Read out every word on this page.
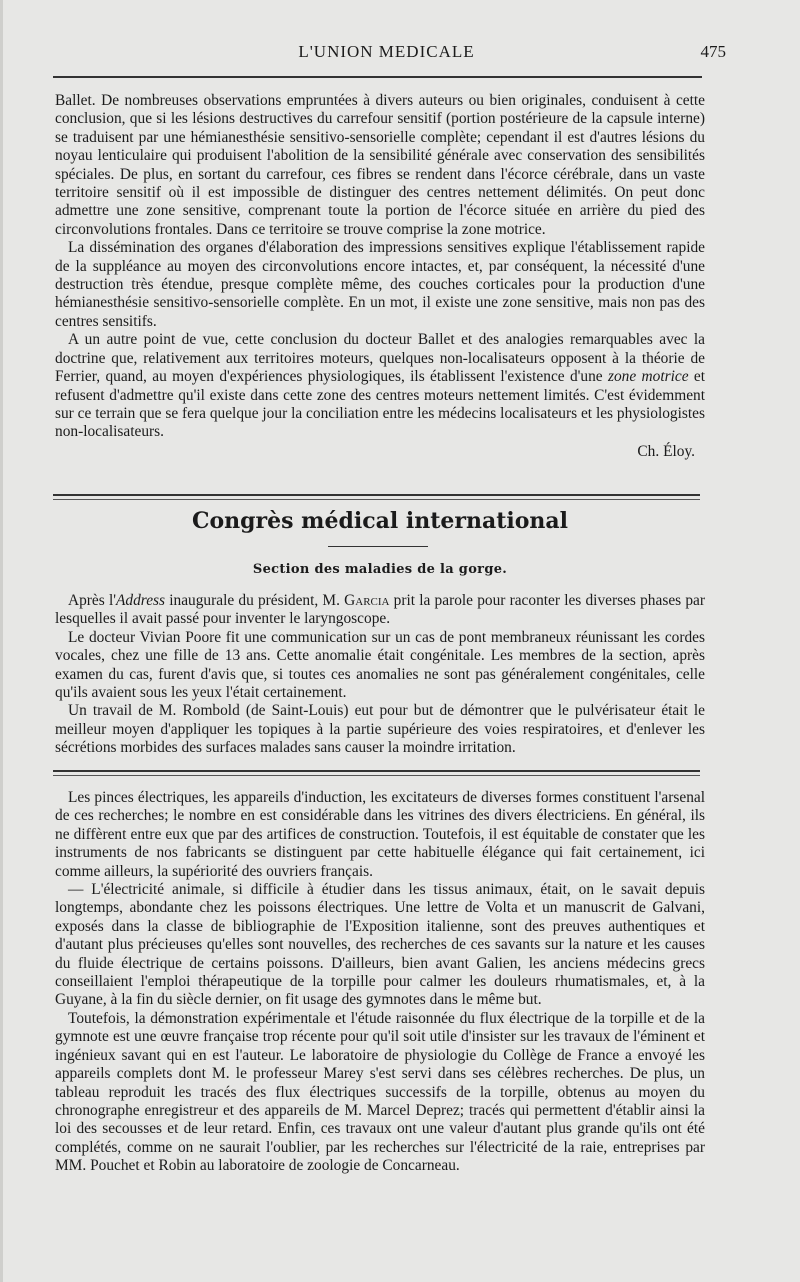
L'UNION MEDICALE	475

Ballet. De nombreuses observations empruntées à divers auteurs ou bien originales, conduisent à cette conclusion, que si les lésions destructives du carrefour sensitif (portion postérieure de la capsule interne) se traduisent par une hémianesthésie sensitivo-sensorielle complète; cependant il est d'autres lésions du noyau lenticulaire qui produisent l'abolition de la sensibilité générale avec conservation des sensibilités spéciales. De plus, en sortant du carrefour, ces fibres se rendent dans l'écorce cérébrale, dans un vaste territoire sensitif où il est impossible de distinguer des centres nettement délimités. On peut donc admettre une zone sensitive, comprenant toute la portion de l'écorce située en arrière du pied des circonvolutions frontales. Dans ce territoire se trouve comprise la zone motrice.

La dissémination des organes d'élaboration des impressions sensitives explique l'établissement rapide de la suppléance au moyen des circonvolutions encore intactes, et, par conséquent, la nécessité d'une destruction très étendue, presque complète même, des couches corticales pour la production d'une hémianesthésie sensitivo-sensorielle complète. En un mot, il existe une zone sensitive, mais non pas des centres sensitifs.

A un autre point de vue, cette conclusion du docteur Ballet et des analogies remarquables avec la doctrine que, relativement aux territoires moteurs, quelques non-localisateurs opposent à la théorie de Ferrier, quand, au moyen d'expériences physiologiques, ils établissent l'existence d'une zone motrice et refusent d'admettre qu'il existe dans cette zone des centres moteurs nettement limités. C'est évidemment sur ce terrain que se fera quelque jour la conciliation entre les médecins localisateurs et les physiologistes non-localisateurs.

Ch. Éloy.
Congrès médical international
Section des maladies de la gorge.

Après l'Address inaugurale du président, M. Garcia prit la parole pour raconter les diverses phases par lesquelles il avait passé pour inventer le laryngoscope.

Le docteur Vivian Poore fit une communication sur un cas de pont membraneux réunissant les cordes vocales, chez une fille de 13 ans. Cette anomalie était congénitale. Les membres de la section, après examen du cas, furent d'avis que, si toutes ces anomalies ne sont pas généralement congénitales, celle qu'ils avaient sous les yeux l'était certainement.

Un travail de M. Rombold (de Saint-Louis) eut pour but de démontrer que le pulvérisateur était le meilleur moyen d'appliquer les topiques à la partie supérieure des voies respiratoires, et d'enlever les sécrétions morbides des surfaces malades sans causer la moindre irritation.

Les pinces électriques, les appareils d'induction, les excitateurs de diverses formes constituent l'arsenal de ces recherches; le nombre en est considérable dans les vitrines des divers électriciens. En général, ils ne diffèrent entre eux que par des artifices de construction. Toutefois, il est équitable de constater que les instruments de nos fabricants se distinguent par cette habituelle élégance qui fait certainement, ici comme ailleurs, la supériorité des ouvriers français.

— L'électricité animale, si difficile à étudier dans les tissus animaux, était, on le savait depuis longtemps, abondante chez les poissons électriques. Une lettre de Volta et un manuscrit de Galvani, exposés dans la classe de bibliographie de l'Exposition italienne, sont des preuves authentiques et d'autant plus précieuses qu'elles sont nouvelles, des recherches de ces savants sur la nature et les causes du fluide électrique de certains poissons. D'ailleurs, bien avant Galien, les anciens médecins grecs conseillaient l'emploi thérapeutique de la torpille pour calmer les douleurs rhumatismales, et, à la Guyane, à la fin du siècle dernier, on fit usage des gymnotes dans le même but.

Toutefois, la démonstration expérimentale et l'étude raisonnée du flux électrique de la torpille et de la gymnote est une œuvre française trop récente pour qu'il soit utile d'insister sur les travaux de l'éminent et ingénieux savant qui en est l'auteur. Le laboratoire de physiologie du Collège de France a envoyé les appareils complets dont M. le professeur Marey s'est servi dans ses célèbres recherches. De plus, un tableau reproduit les tracés des flux électriques successifs de la torpille, obtenus au moyen du chronographe enregistreur et des appareils de M. Marcel Deprez; tracés qui permettent d'établir ainsi la loi des secousses et de leur retard. Enfin, ces travaux ont une valeur d'autant plus grande qu'ils ont été complétés, comme on ne saurait l'oublier, par les recherches sur l'électricité de la raie, entreprises par MM. Pouchet et Robin au laboratoire de zoologie de Concarneau.
